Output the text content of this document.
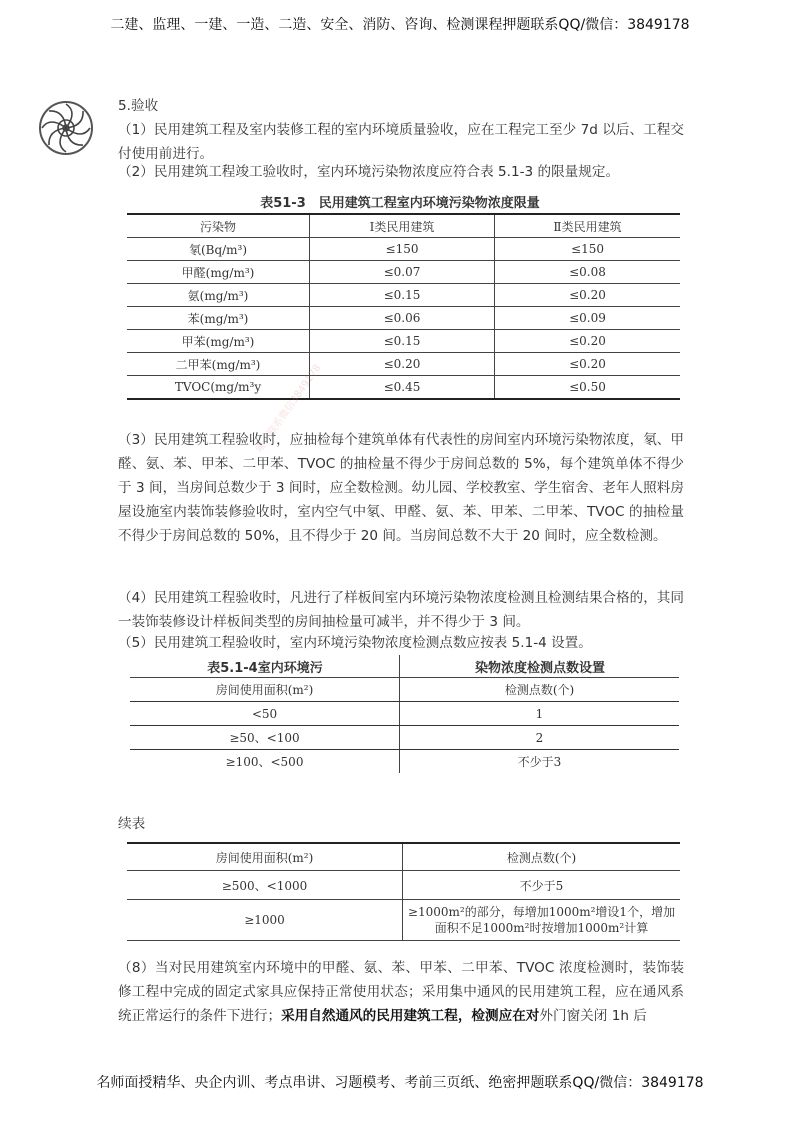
二建、监理、一建、一造、二造、安全、消防、咨询、检测课程押题联系QQ/微信：3849178
5.验收
（1）民用建筑工程及室内装修工程的室内环境质量验收，应在工程完工至少 7d 以后、工程交付使用前进行。
（2）民用建筑工程竣工验收时，室内环境污染物浓度应符合表 5.1-3 的限量规定。
表51-3　民用建筑工程室内环境污染物浓度限量
污染物	I类民用建筑	Ⅱ类民用建筑
氡(Bq/m³)	≤150	≤150
甲醛(mg/m³)	≤0.07	≤0.08
氨(mg/m³)	≤0.15	≤0.20
苯(mg/m³)	≤0.06	≤0.09
甲苯(mg/m³)	≤0.15	≤0.20
二甲苯(mg/m³)	≤0.20	≤0.20
TVOC(mg/m³y	≤0.45	≤0.50
唯一联系微信3849178
（3）民用建筑工程验收时，应抽检每个建筑单体有代表性的房间室内环境污染物浓度，氡、甲醛、氨、苯、甲苯、二甲苯、TVOC 的抽检量不得少于房间总数的 5%，每个建筑单体不得少于 3 间，当房间总数少于 3 间时，应全数检测。幼儿园、学校教室、学生宿舍、老年人照料房屋设施室内装饰装修验收时，室内空气中氡、甲醛、氨、苯、甲苯、二甲苯、TVOC 的抽检量不得少于房间总数的 50%，且不得少于 20 间。当房间总数不大于 20 间时，应全数检测。
（4）民用建筑工程验收时，凡进行了样板间室内环境污染物浓度检测且检测结果合格的，其同一装饰装修设计样板间类型的房间抽检量可减半，并不得少于 3 间。
（5）民用建筑工程验收时，室内环境污染物浓度检测点数应按表 5.1-4 设置。
表5.1-4室内环境污	染物浓度检测点数设置
房间使用面积(m²)	检测点数(个)
<50	1
≥50、<100	2
≥100、<500	不少于3
续表
房间使用面积(m²)	检测点数(个)
≥500、<1000	不少于5
≥1000	≥1000m²的部分，每增加1000m²增设1个，增加面积不足1000m²时按增加1000m²计算
（8）当对民用建筑室内环境中的甲醛、氨、苯、甲苯、二甲苯、TVOC 浓度检测时，装饰装修工程中完成的固定式家具应保持正常使用状态；采用集中通风的民用建筑工程，应在通风系统正常运行的条件下进行；采用自然通风的民用建筑工程，检测应在对外门窗关闭 1h 后
名师面授精华、央企内训、考点串讲、习题模考、考前三页纸、绝密押题联系QQ/微信：3849178
